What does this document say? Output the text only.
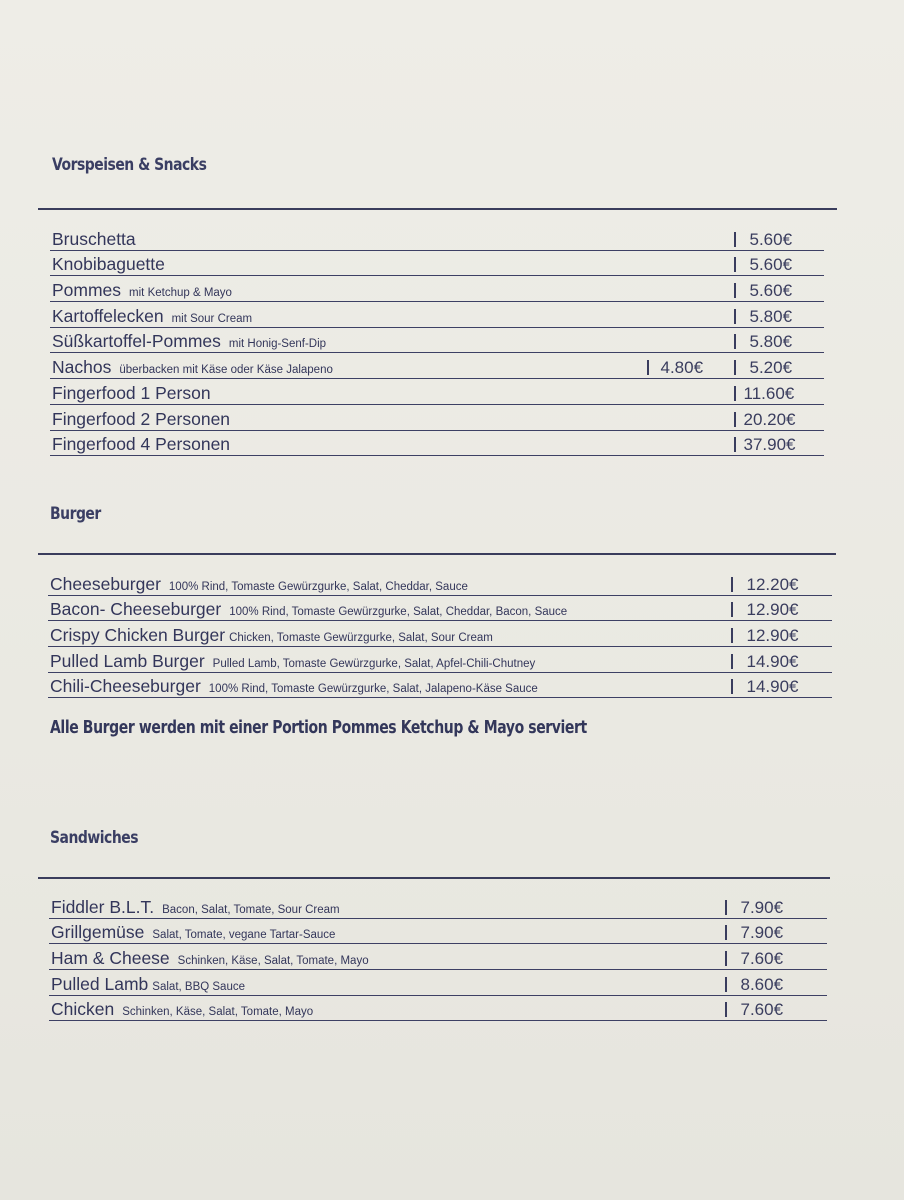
Vorspeisen & Snacks
Bruschetta	5.60€
Knobibaguette	5.60€
Pommes mit Ketchup & Mayo	5.60€
Kartoffelecken mit Sour Cream	5.80€
Süßkartoffel-Pommes mit Honig-Senf-Dip	5.80€
Nachos überbacken mit Käse oder Käse Jalapeno	4.80€	5.20€
Fingerfood 1 Person	11.60€
Fingerfood 2 Personen	20.20€
Fingerfood 4 Personen	37.90€
Burger
Cheeseburger 100% Rind, Tomaste Gewürzgurke, Salat, Cheddar, Sauce	12.20€
Bacon- Cheeseburger 100% Rind, Tomaste Gewürzgurke, Salat, Cheddar, Bacon, Sauce	12.90€
Crispy Chicken Burger Chicken, Tomaste Gewürzgurke, Salat, Sour Cream	12.90€
Pulled Lamb Burger Pulled Lamb, Tomaste Gewürzgurke, Salat, Apfel-Chili-Chutney	14.90€
Chili-Cheeseburger 100% Rind, Tomaste Gewürzgurke, Salat, Jalapeno-Käse Sauce	14.90€
Alle Burger werden mit einer Portion Pommes Ketchup & Mayo serviert
Sandwiches
Fiddler B.L.T. Bacon, Salat, Tomate, Sour Cream	7.90€
Grillgemüse Salat, Tomate, vegane Tartar-Sauce	7.90€
Ham & Cheese Schinken, Käse, Salat, Tomate, Mayo	7.60€
Pulled Lamb Salat, BBQ Sauce	8.60€
Chicken Schinken, Käse, Salat, Tomate, Mayo	7.60€
